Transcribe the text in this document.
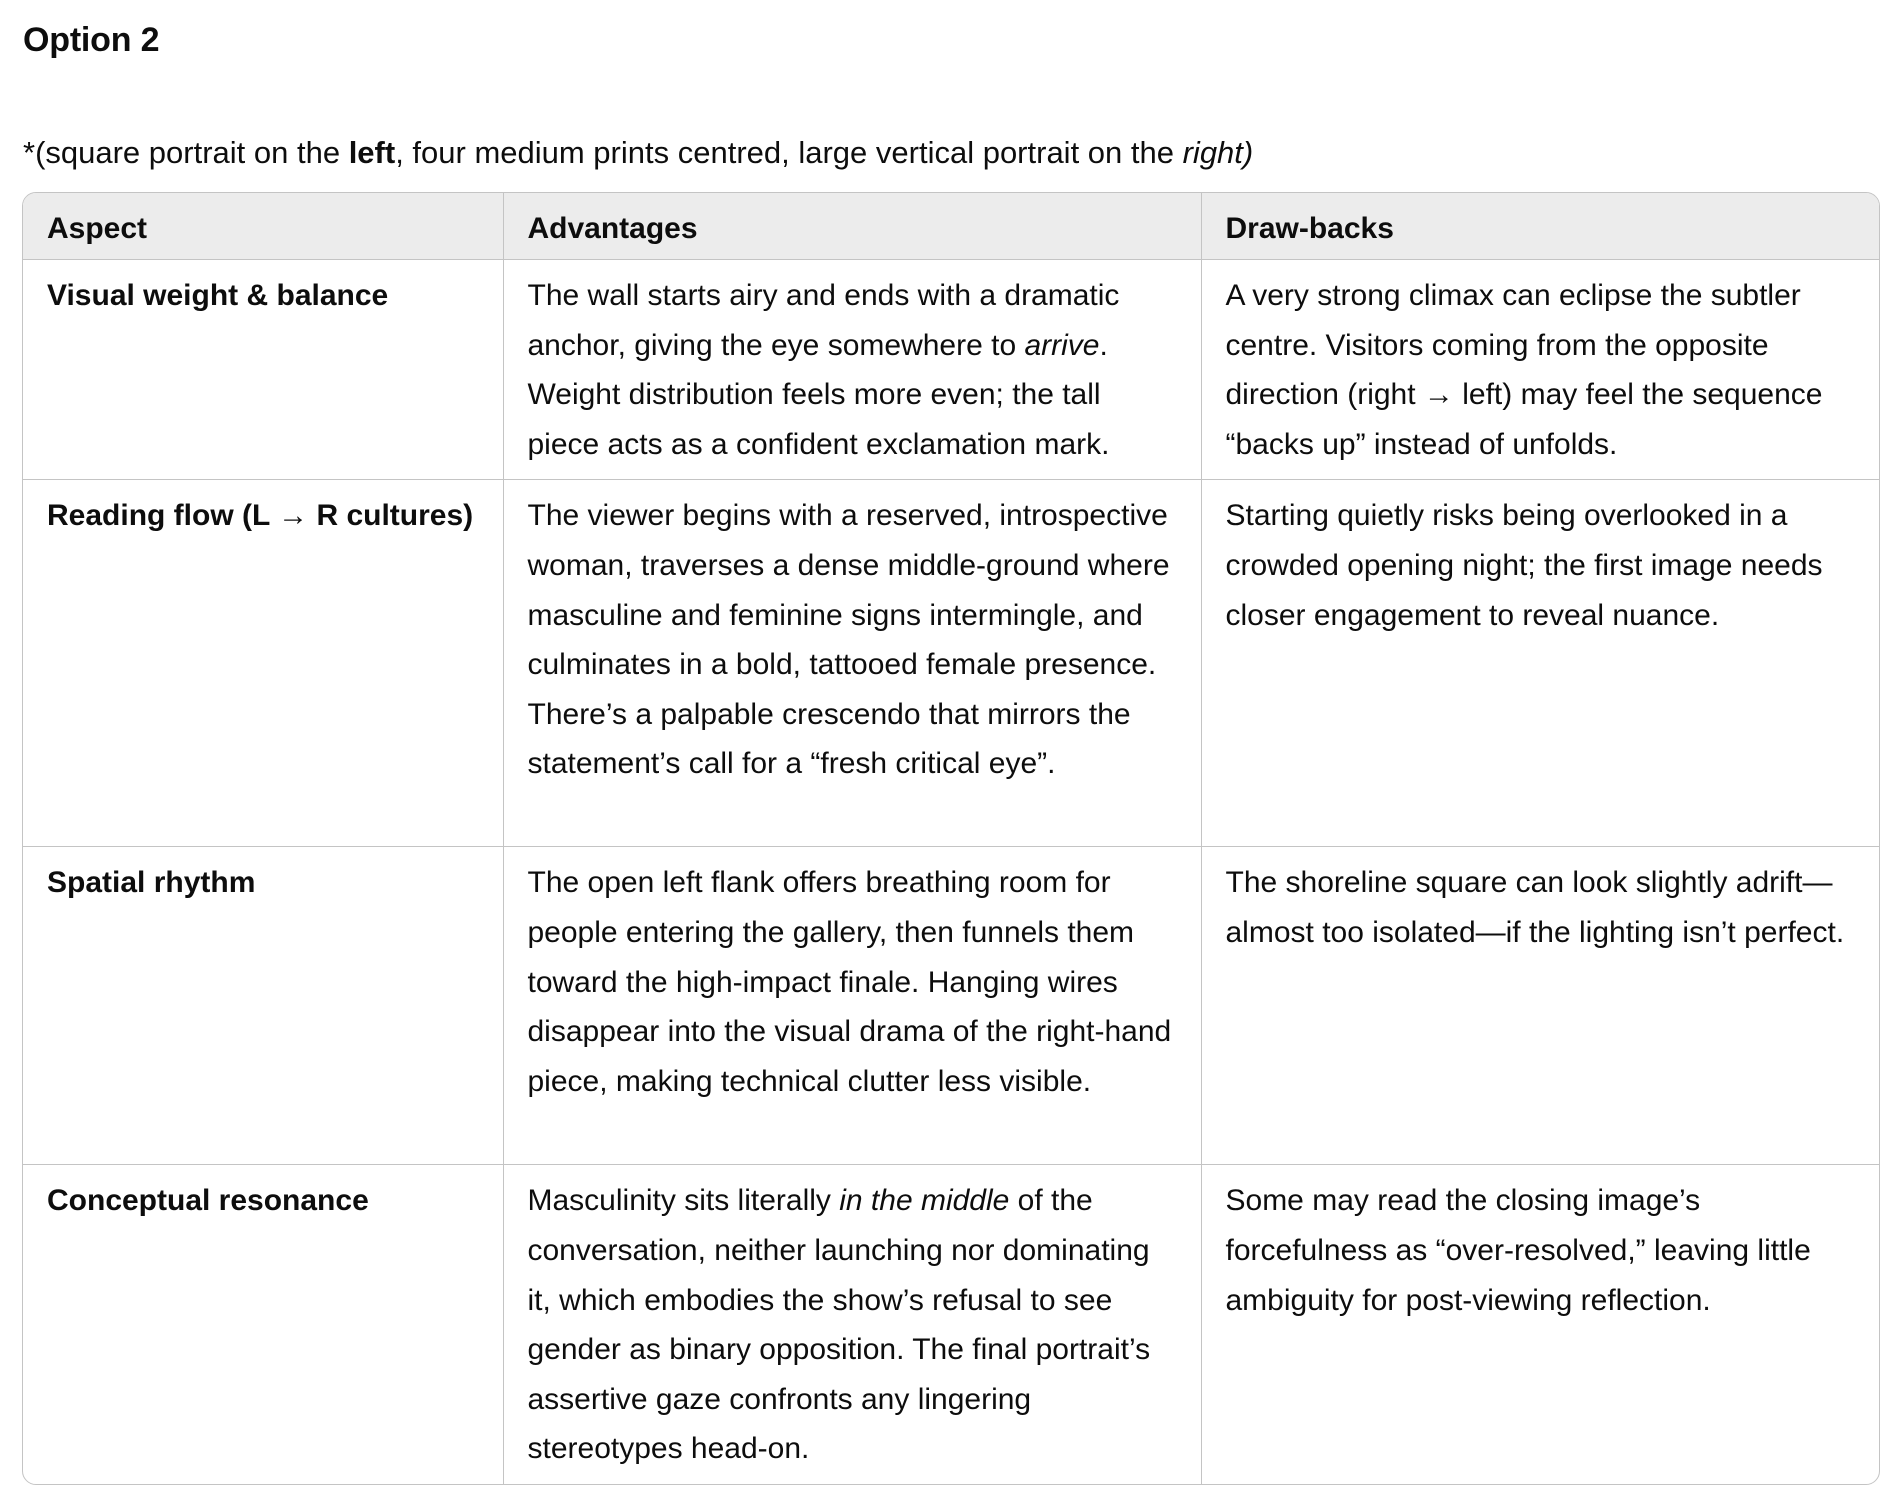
Option 2
*(square portrait on the left, four medium prints centred, large vertical portrait on the right)
Aspect	Advantages	Draw-backs
Visual weight & balance	The wall starts airy and ends with a dramatic anchor, giving the eye somewhere to arrive. Weight distribution feels more even; the tall piece acts as a confident exclamation mark.	A very strong climax can eclipse the subtler centre. Visitors coming from the opposite direction (right → left) may feel the sequence “backs up” instead of unfolds.
Reading flow (L → R cultures)	The viewer begins with a reserved, introspective woman, traverses a dense middle-ground where masculine and feminine signs intermingle, and culminates in a bold, tattooed female presence. There’s a palpable crescendo that mirrors the statement’s call for a “fresh critical eye”.	Starting quietly risks being overlooked in a crowded opening night; the first image needs closer engagement to reveal nuance.
Spatial rhythm	The open left flank offers breathing room for people entering the gallery, then funnels them toward the high-impact finale. Hanging wires disappear into the visual drama of the right-hand piece, making technical clutter less visible.	The shoreline square can look slightly adrift—almost too isolated—if the lighting isn’t perfect.
Conceptual resonance	Masculinity sits literally in the middle of the conversation, neither launching nor dominating it, which embodies the show’s refusal to see gender as binary opposition. The final portrait’s assertive gaze confronts any lingering stereotypes head-on.	Some may read the closing image’s forcefulness as “over-resolved,” leaving little ambiguity for post-viewing reflection.
